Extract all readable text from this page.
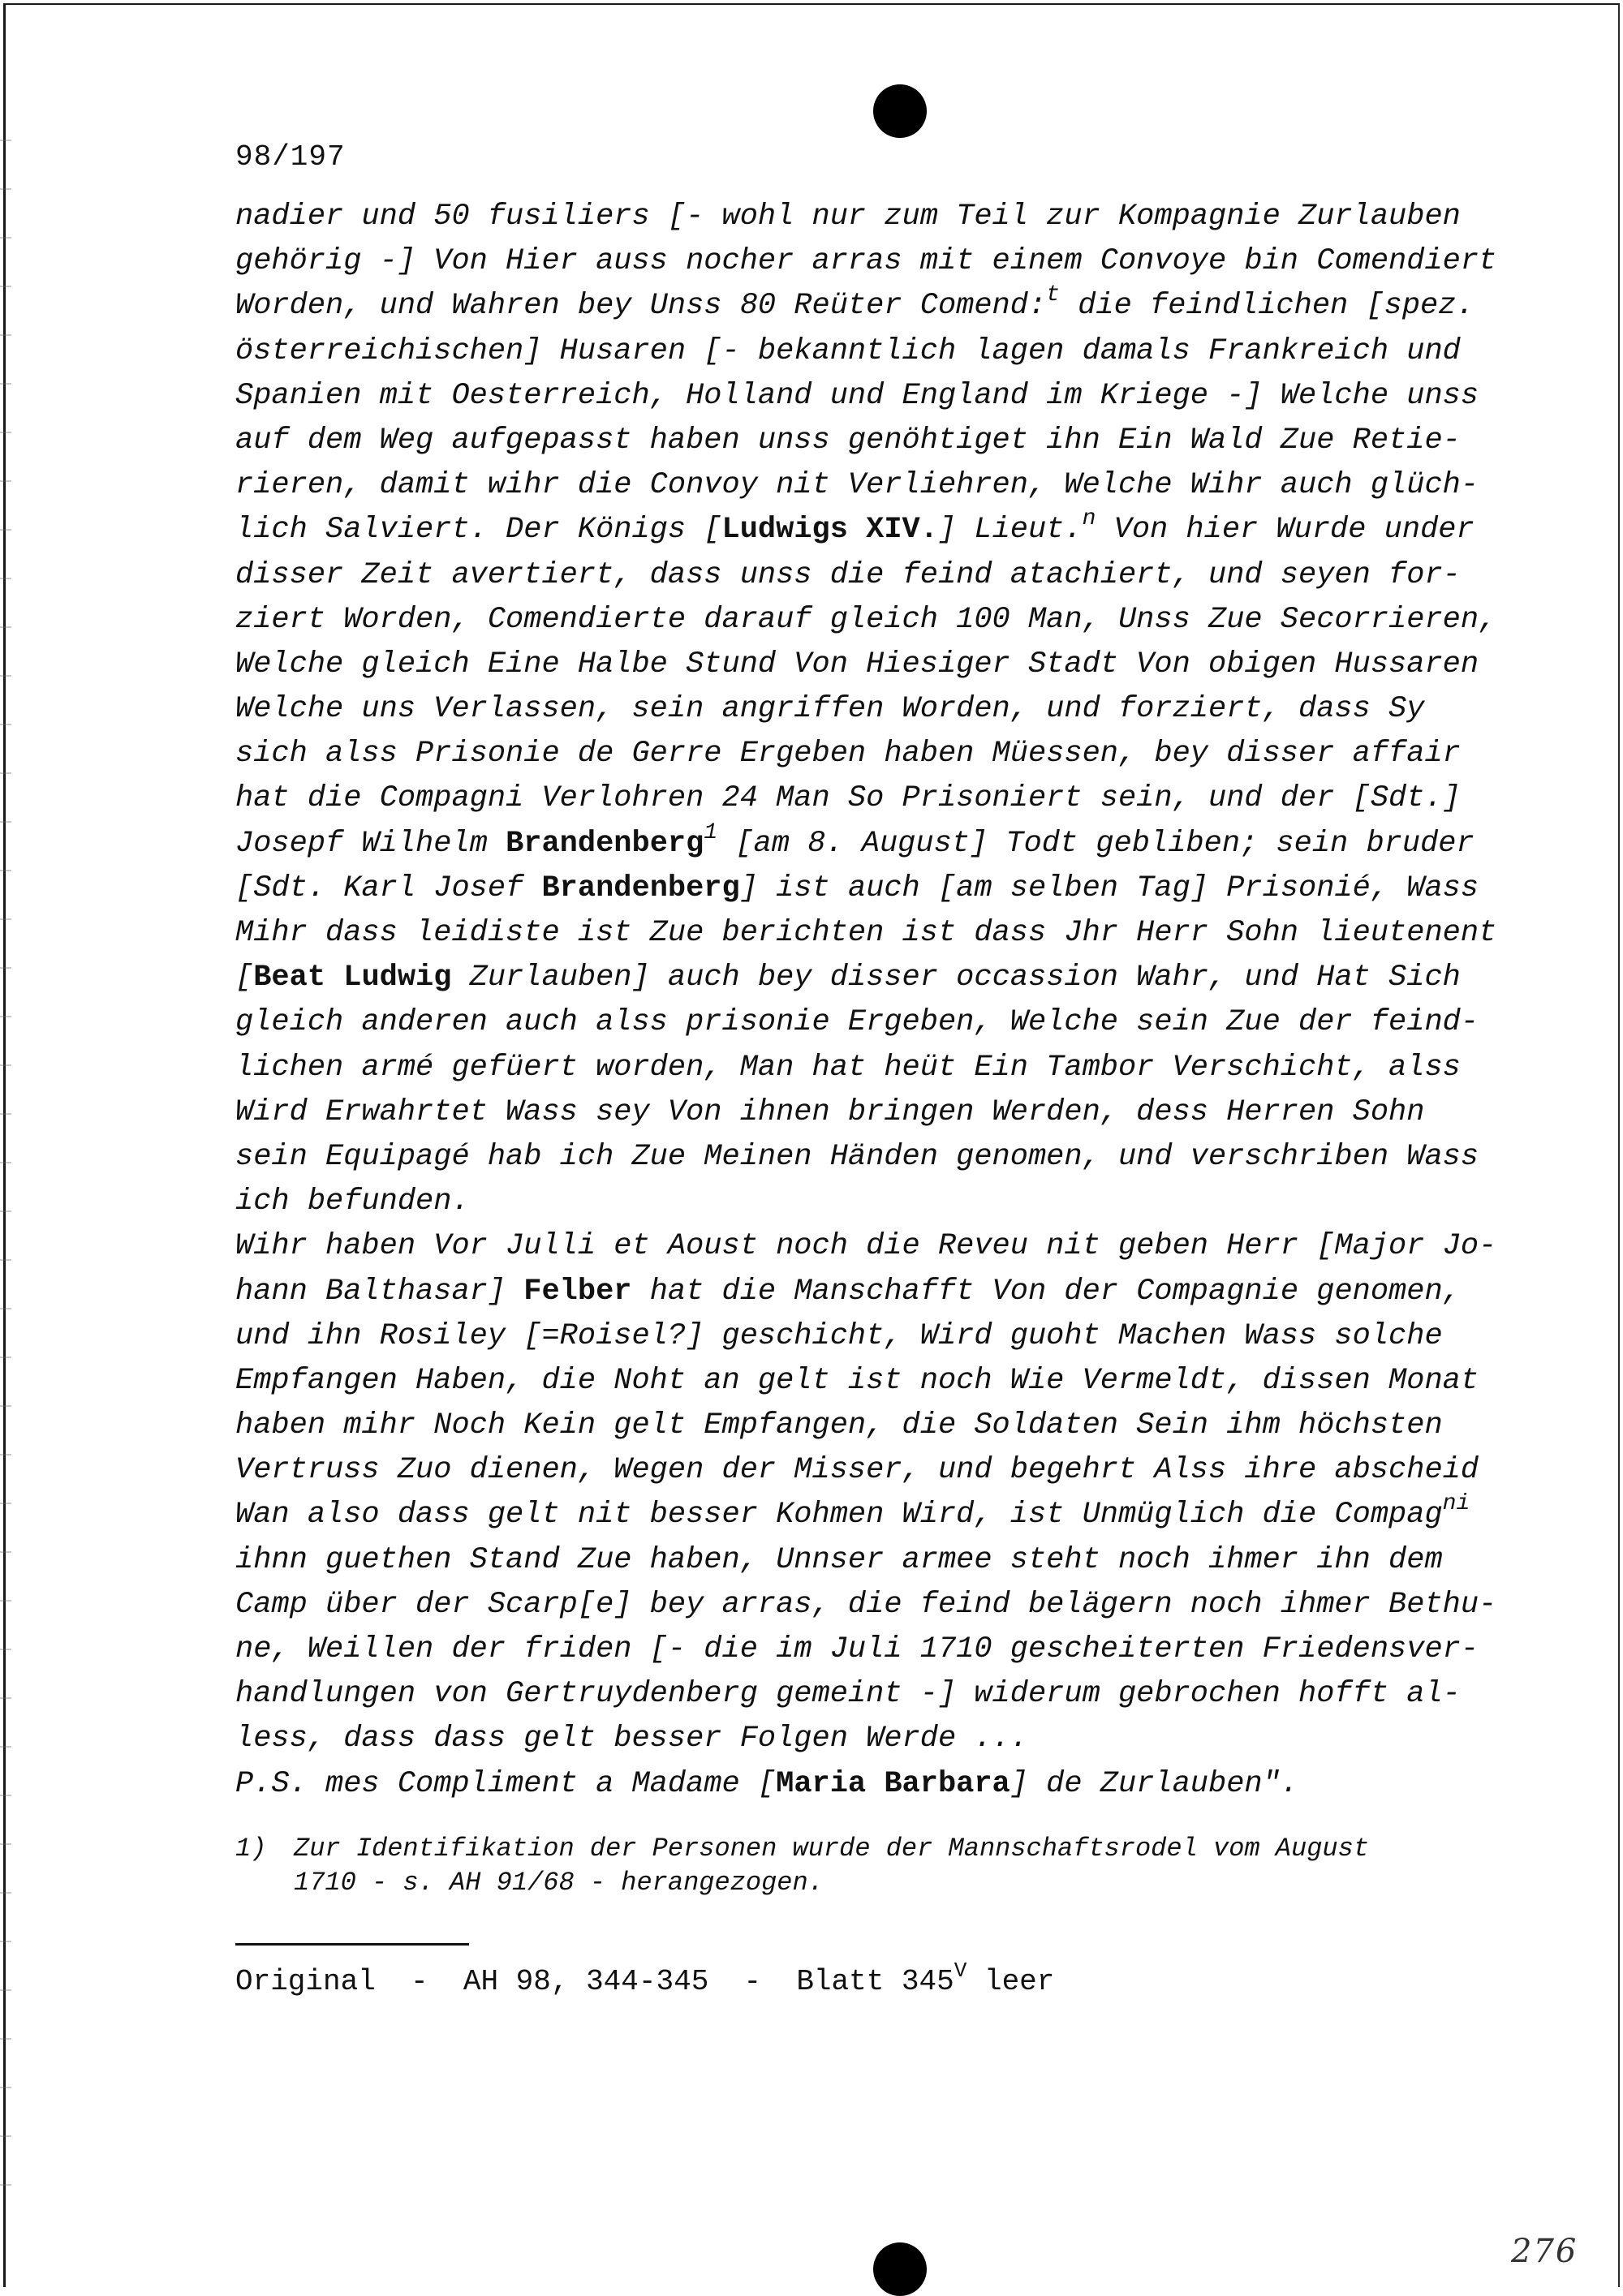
98/197
nadier und 50 fusiliers [- wohl nur zum Teil zur Kompagnie Zurlauben
gehörig -] Von Hier auss nocher arras mit einem Convoye bin Comendiert
Worden, und Wahren bey Unss 80 Reüter Comend:$^t$ die feindlichen [spez.
österreichischen] Husaren [- bekanntlich lagen damals Frankreich und
Spanien mit Oesterreich, Holland und England im Kriege -] Welche unss
auf dem Weg aufgepasst haben unss genöhtiget ihn Ein Wald Zue Retie-
rieren, damit wihr die Convoy nit Verliehren, Welche Wihr auch glüch-
lich Salviert. Der Königs [Ludwigs XIV.] Lieut.$^n$ Von hier Wurde under
disser Zeit avertiert, dass unss die feind atachiert, und seyen for-
ziert Worden, Comendierte darauf gleich 100 Man, Unss Zue Secorrieren,
Welche gleich Eine Halbe Stund Von Hiesiger Stadt Von obigen Hussaren
Welche uns Verlassen, sein angriffen Worden, und forziert, dass Sy
sich alss Prisonie de Gerre Ergeben haben Müessen, bey disser affair
hat die Compagni Verlohren 24 Man So Prisoniert sein, und der [Sdt.]
Josepf Wilhelm Brandenberg$^1$ [am 8. August] Todt gebliben; sein bruder
[Sdt. Karl Josef Brandenberg] ist auch [am selben Tag] Prisonié, Wass
Mihr dass leidiste ist Zue berichten ist dass Jhr Herr Sohn lieutenent
[Beat Ludwig Zurlauben] auch bey disser occassion Wahr, und Hat Sich
gleich anderen auch alss prisonie Ergeben, Welche sein Zue der feind-
lichen armé gefüert worden, Man hat heüt Ein Tambor Verschicht, alss
Wird Erwahrtet Wass sey Von ihnen bringen Werden, dess Herren Sohn
sein Equipagé hab ich Zue Meinen Händen genomen, und verschriben Wass
ich befunden.
Wihr haben Vor Julli et Aoust noch die Reveu nit geben Herr [Major Jo-
hann Balthasar] Felber hat die Manschafft Von der Compagnie genomen,
und ihn Rosiley [=Roisel?] geschicht, Wird guoht Machen Wass solche
Empfangen Haben, die Noht an gelt ist noch Wie Vermeldt, dissen Monat
haben mihr Noch Kein gelt Empfangen, die Soldaten Sein ihm höchsten
Vertruss Zuo dienen, Wegen der Misser, und begehrt Alss ihre abscheid
Wan also dass gelt nit besser Kohmen Wird, ist Unmüglich die Compag$^{ni}$
ihnn guethen Stand Zue haben, Unnser armee steht noch ihmer ihn dem
Camp über der Scarp[e] bey arras, die feind belägern noch ihmer Bethu-
ne, Weillen der friden [- die im Juli 1710 gescheiterten Friedensver-
handlungen von Gertruydenberg gemeint -] widerum gebrochen hofft al-
less, dass dass gelt besser Folgen Werde ...
P.S. mes Compliment a Madame [Maria Barbara] de Zurlauben".
1) Zur Identifikation der Personen wurde der Mannschaftsrodel vom August
1710 - s. AH 91/68 - herangezogen.
Original  -  AH 98, 344-345  -  Blatt $345^V$ leer
276
